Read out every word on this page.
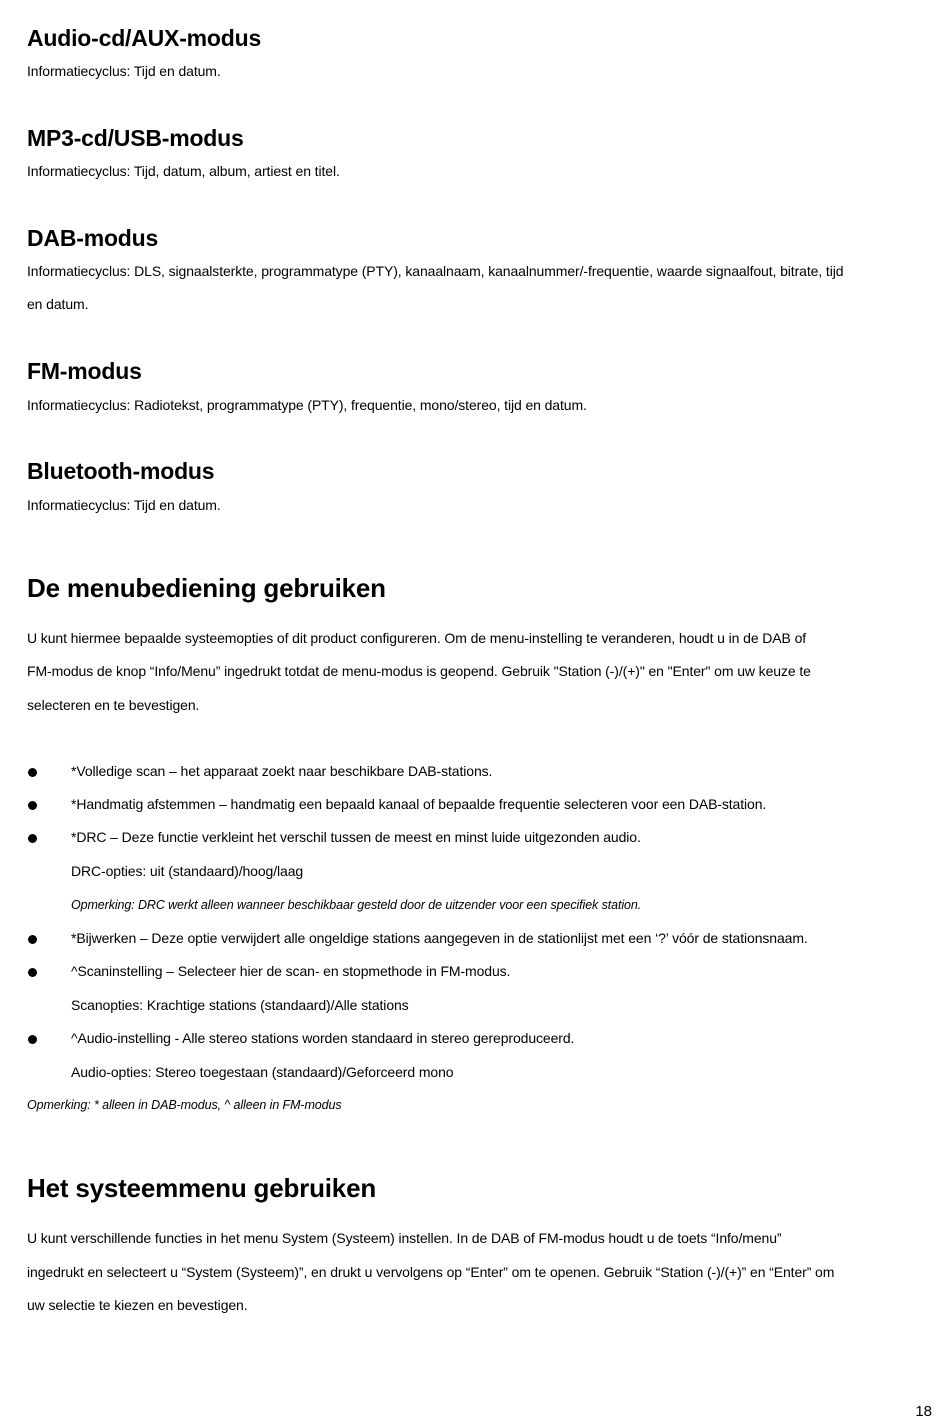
Audio-cd/AUX-modus
Informatiecyclus: Tijd en datum.
MP3-cd/USB-modus
Informatiecyclus: Tijd, datum, album, artiest en titel.
DAB-modus
Informatiecyclus: DLS, signaalsterkte, programmatype (PTY), kanaalnaam, kanaalnummer/-frequentie, waarde signaalfout, bitrate, tijd
en datum.
FM-modus
Informatiecyclus: Radiotekst, programmatype (PTY), frequentie, mono/stereo, tijd en datum.
Bluetooth-modus
Informatiecyclus: Tijd en datum.
De menubediening gebruiken
U kunt hiermee bepaalde systeemopties of dit product configureren. Om de menu-instelling te veranderen, houdt u in de DAB of
FM-modus de knop “Info/Menu” ingedrukt totdat de menu-modus is geopend. Gebruik "Station (-)/(+)" en "Enter" om uw keuze te
selecteren en te bevestigen.
*Volledige scan – het apparaat zoekt naar beschikbare DAB-stations.
*Handmatig afstemmen – handmatig een bepaald kanaal of bepaalde frequentie selecteren voor een DAB-station.
*DRC – Deze functie verkleint het verschil tussen de meest en minst luide uitgezonden audio.
DRC-opties: uit (standaard)/hoog/laag
Opmerking: DRC werkt alleen wanneer beschikbaar gesteld door de uitzender voor een specifiek station.
*Bijwerken – Deze optie verwijdert alle ongeldige stations aangegeven in de stationlijst met een ‘?’ vóór de stationsnaam.
^Scaninstelling – Selecteer hier de scan- en stopmethode in FM-modus.
Scanopties: Krachtige stations (standaard)/Alle stations
^Audio-instelling - Alle stereo stations worden standaard in stereo gereproduceerd.
Audio-opties: Stereo toegestaan (standaard)/Geforceerd mono
Opmerking: * alleen in DAB-modus, ^ alleen in FM-modus
Het systeemmenu gebruiken
U kunt verschillende functies in het menu System (Systeem) instellen. In de DAB of FM-modus houdt u de toets “Info/menu”
ingedrukt en selecteert u “System (Systeem)”, en drukt u vervolgens op “Enter” om te openen. Gebruik “Station (-)/(+)” en “Enter” om
uw selectie te kiezen en bevestigen.
18
